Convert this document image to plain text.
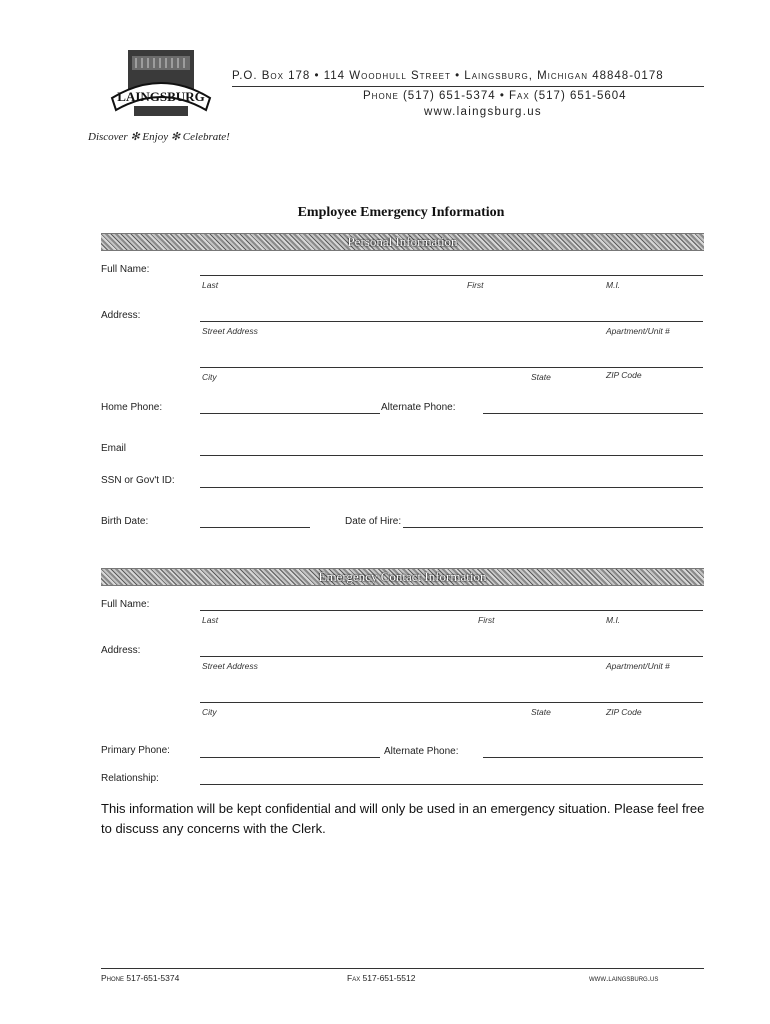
LAINGSBURG
Discover ✻ Enjoy ✻ Celebrate!
P.O. Box 178 • 114 Woodhull Street • Laingsburg, Michigan 48848-0178
Phone (517) 651-5374 • Fax (517) 651-5604
www.laingsburg.us
Employee Emergency Information
Personal Information
Full Name:
Last	First	M.I.
Address:
Street Address	Apartment/Unit #
City	State	ZIP Code
Home Phone:	Alternate Phone:
Email
SSN or Gov't ID:
Birth Date:	Date of Hire:
Emergency Contact Information
Full Name:
Last	First	M.I.
Address:
Street Address	Apartment/Unit #
City	State	ZIP Code
Primary Phone:	Alternate Phone:
Relationship:
This information will be kept confidential and will only be used in an emergency situation. Please feel free to discuss any concerns with the Clerk.
Phone 517-651-5374	Fax 517-651-5512	www.laingsburg.us
